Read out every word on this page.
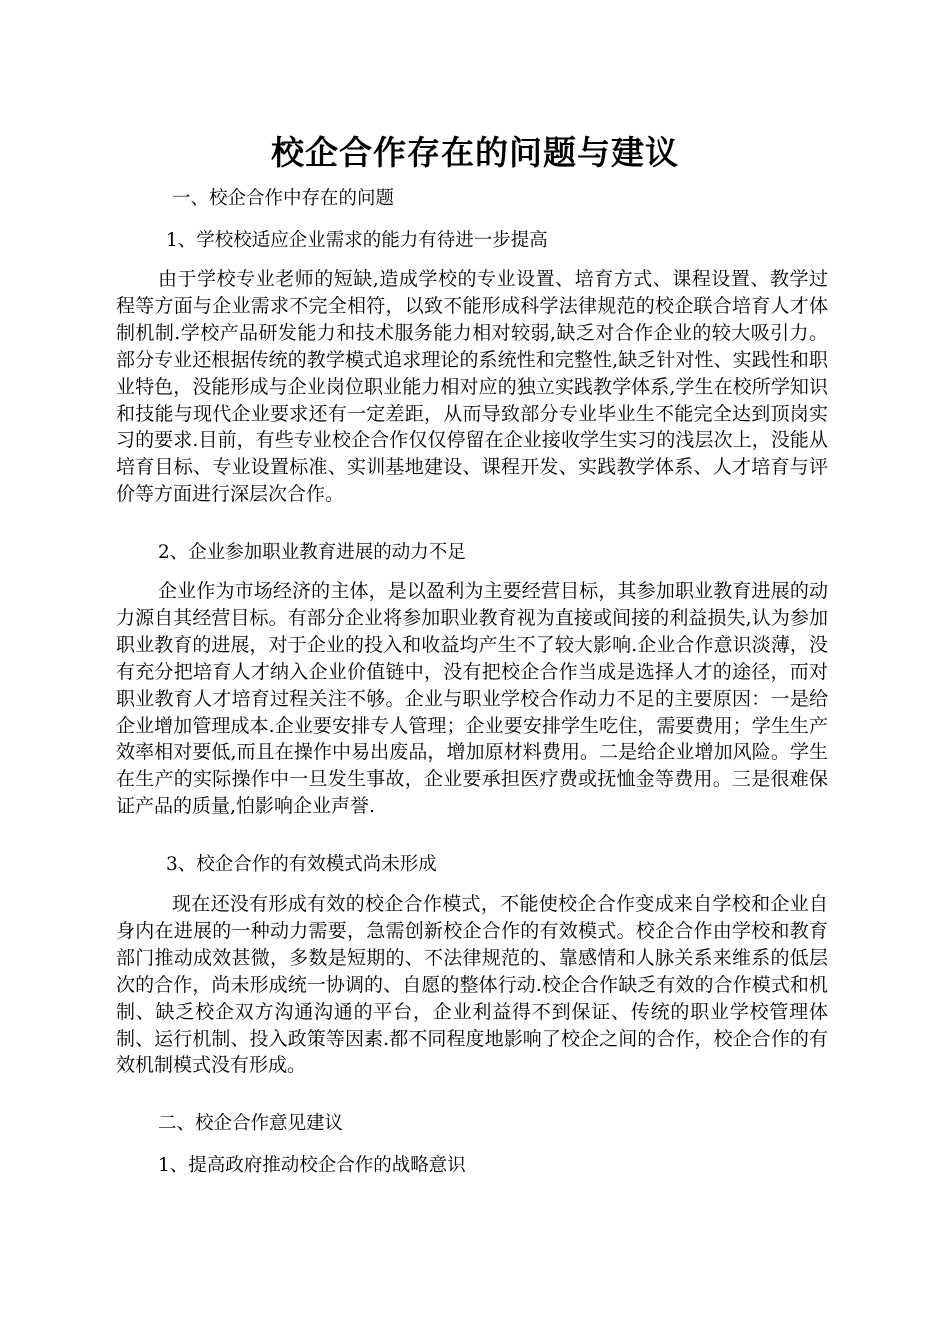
校企合作存在的问题与建议

一、校企合作中存在的问题

1、学校校适应企业需求的能力有待进一步提高

由于学校专业老师的短缺,造成学校的专业设置、培育方式、课程设置、教学过程等方面与企业需求不完全相符，以致不能形成科学法律规范的校企联合培育人才体制机制.学校产品研发能力和技术服务能力相对较弱,缺乏对合作企业的较大吸引力。部分专业还根据传统的教学模式追求理论的系统性和完整性,缺乏针对性、实践性和职业特色，没能形成与企业岗位职业能力相对应的独立实践教学体系,学生在校所学知识和技能与现代企业要求还有一定差距，从而导致部分专业毕业生不能完全达到顶岗实习的要求.目前，有些专业校企合作仅仅停留在企业接收学生实习的浅层次上，没能从培育目标、专业设置标准、实训基地建设、课程开发、实践教学体系、人才培育与评价等方面进行深层次合作。

2、企业参加职业教育进展的动力不足

企业作为市场经济的主体，是以盈利为主要经营目标，其参加职业教育进展的动力源自其经营目标。有部分企业将参加职业教育视为直接或间接的利益损失,认为参加职业教育的进展，对于企业的投入和收益均产生不了较大影响.企业合作意识淡薄，没有充分把培育人才纳入企业价值链中，没有把校企合作当成是选择人才的途径，而对职业教育人才培育过程关注不够。企业与职业学校合作动力不足的主要原因：一是给企业增加管理成本.企业要安排专人管理；企业要安排学生吃住，需要费用；学生生产效率相对要低,而且在操作中易出废品，增加原材料费用。二是给企业增加风险。学生在生产的实际操作中一旦发生事故，企业要承担医疗费或抚恤金等费用。三是很难保证产品的质量,怕影响企业声誉.

3、校企合作的有效模式尚未形成

现在还没有形成有效的校企合作模式，不能使校企合作变成来自学校和企业自身内在进展的一种动力需要，急需创新校企合作的有效模式。校企合作由学校和教育部门推动成效甚微，多数是短期的、不法律规范的、靠感情和人脉关系来维系的低层次的合作，尚未形成统一协调的、自愿的整体行动.校企合作缺乏有效的合作模式和机制、缺乏校企双方沟通沟通的平台，企业利益得不到保证、传统的职业学校管理体制、运行机制、投入政策等因素.都不同程度地影响了校企之间的合作，校企合作的有效机制模式没有形成。

二、校企合作意见建议

1、提高政府推动校企合作的战略意识
